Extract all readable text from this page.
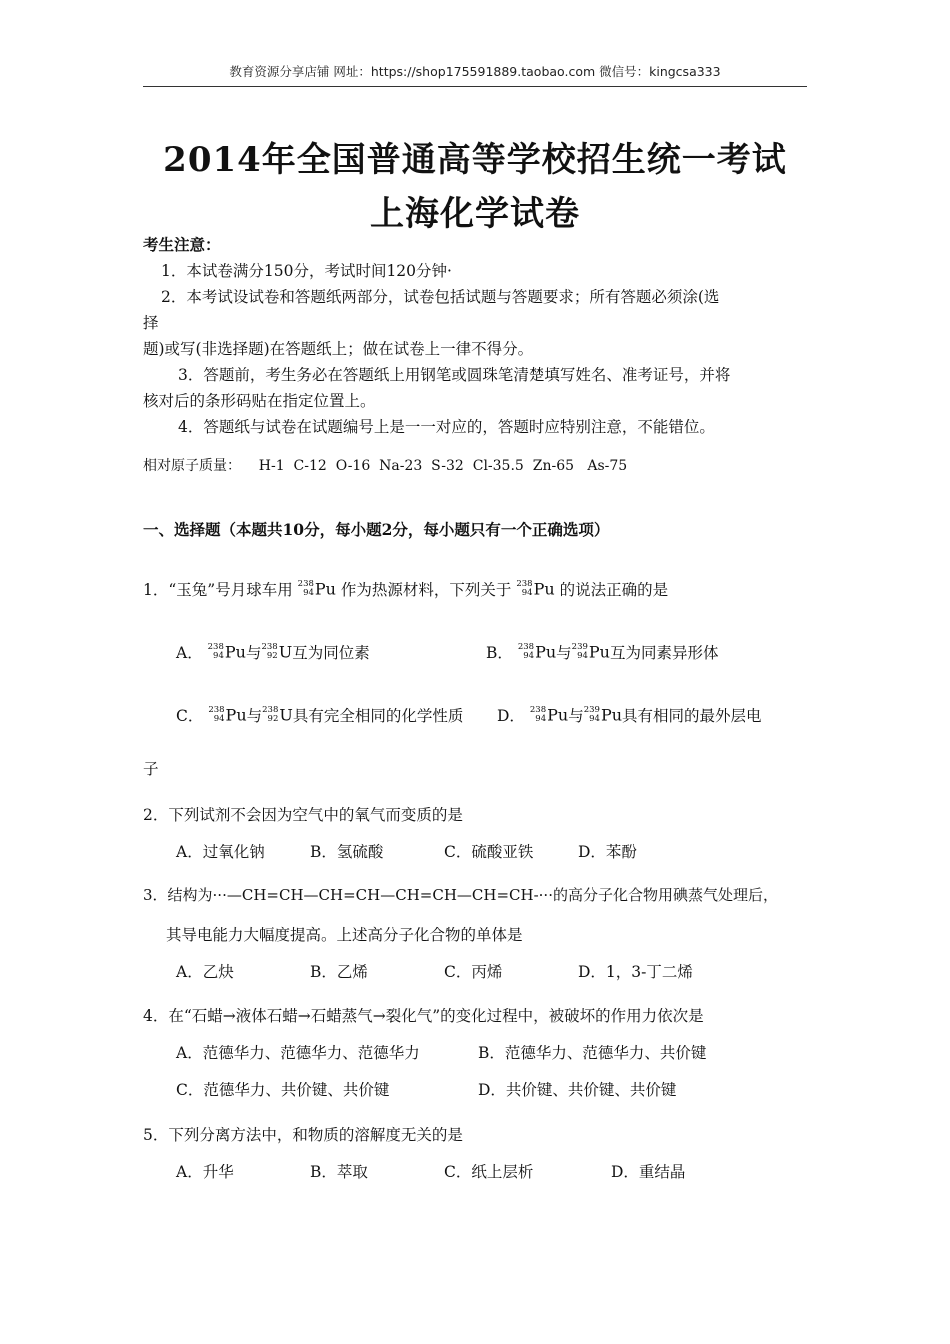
教育资源分享店铺 网址：https://shop175591889.taobao.com 微信号：kingcsa333
2014年全国普通高等学校招生统一考试
上海化学试卷
考生注意：
1．本试卷满分150分，考试时间120分钟·
2．本考试设试卷和答题纸两部分，试卷包括试题与答题要求；所有答题必须涂(选
择
题)或写(非选择题)在答题纸上；做在试卷上一律不得分。
3．答题前，考生务必在答题纸上用钢笔或圆珠笔清楚填写姓名、准考证号，并将
核对后的条形码贴在指定位置上。
4．答题纸与试卷在试题编号上是一一对应的，答题时应特别注意，不能错位。
相对原子质量：    H-1  C-12  O-16  Na-23  S-32  Cl-35.5  Zn-65   As-75
一、选择题（本题共10分，每小题2分，每小题只有一个正确选项）
1．“玉兔”号月球车用 238
94 Pu 作为热源材料，下列关于 238
94 Pu 的说法正确的是
A． 238
94 Pu与 238
92 U互为同位素	B． 238
94 Pu与 239
94 Pu互为同素异形体
C． 238
94 Pu与 238
92 U具有完全相同的化学性质 D． 238
94 Pu与 239
94 Pu具有相同的最外层电
子
2．下列试剂不会因为空气中的氧气而变质的是
A．过氧化钠	B．氢硫酸	C．硫酸亚铁	D．苯酚
3．结构为···—CH=CH—CH=CH—CH=CH—CH=CH-···的高分子化合物用碘蒸气处理后，
其导电能力大幅度提高。上述高分子化合物的单体是
A．乙炔	B．乙烯	C．丙烯	D．1，3-丁二烯
4．在“石蜡→液体石蜡→石蜡蒸气→裂化气”的变化过程中，被破坏的作用力依次是
A．范德华力、范德华力、范德华力	B．范德华力、范德华力、共价键
C．范德华力、共价键、共价键	D．共价键、共价键、共价键
5．下列分离方法中，和物质的溶解度无关的是
A．升华	B．萃取	C．纸上层析	D．重结晶
